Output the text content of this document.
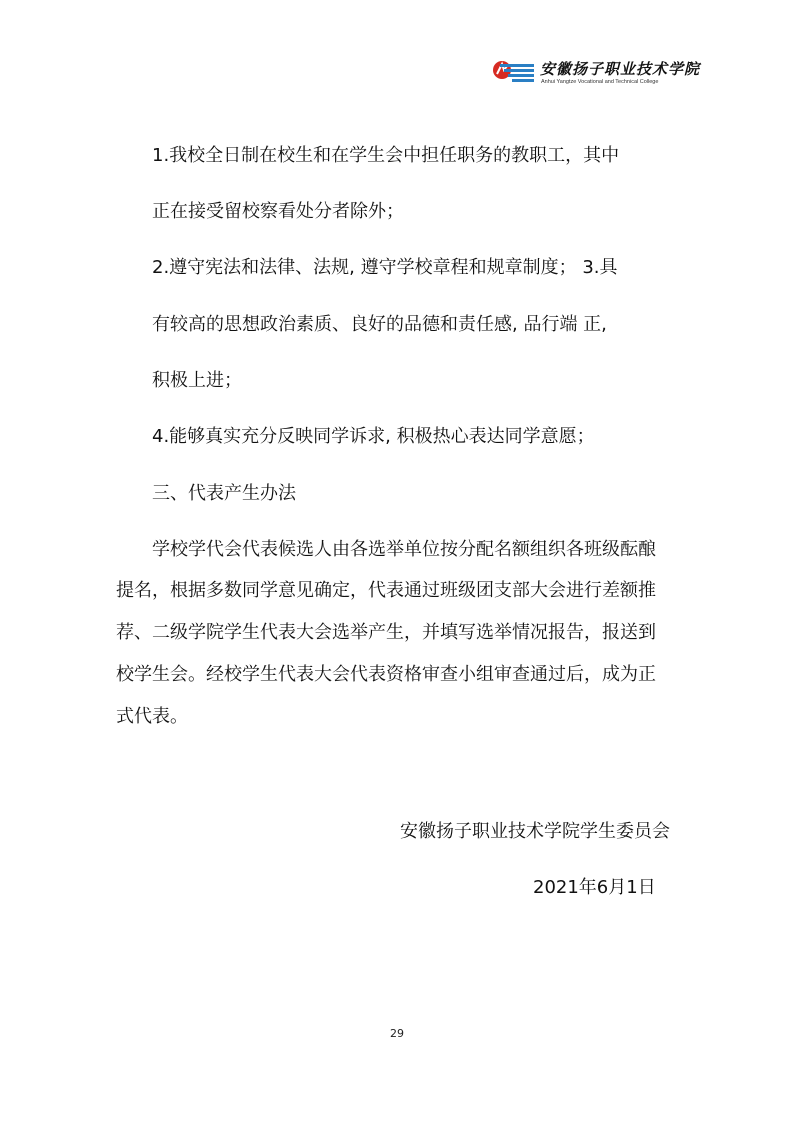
安徽扬子职业技术学院
Anhui Yangtze Vocational and Technical College
1.我校全日制在校生和在学生会中担任职务的教职工，其中
正在接受留校察看处分者除外；
2.遵守宪法和法律、法规, 遵守学校章程和规章制度； 3.具
有较高的思想政治素质、良好的品德和责任感, 品行端 正,
积极上进；
4.能够真实充分反映同学诉求, 积极热心表达同学意愿；
三、代表产生办法
学校学代会代表候选人由各选举单位按分配名额组织各班级酝酿
提名，根据多数同学意见确定，代表通过班级团支部大会进行差额推
荐、二级学院学生代表大会选举产生，并填写选举情况报告，报送到
校学生会。经校学生代表大会代表资格审查小组审查通过后，成为正
式代表。
安徽扬子职业技术学院学生委员会
2021年6月1日
29
